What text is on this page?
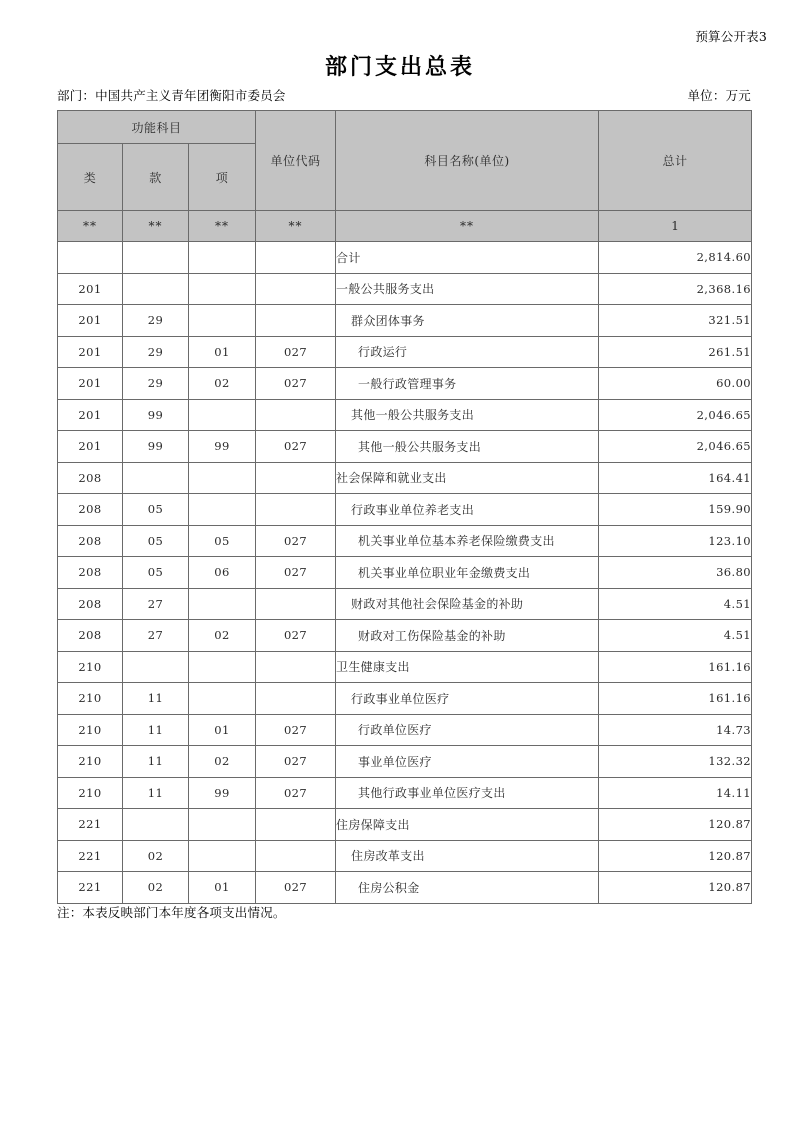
预算公开表3
部门支出总表
部门：中国共产主义青年团衡阳市委员会	单位：万元
功能科目			单位代码	科目名称(单位)	总计
类	款	项			
**	**	**	**	**	1
				合计	2,814.60
201				一般公共服务支出	2,368.16
201	29			群众团体事务	321.51
201	29	01	027	行政运行	261.51
201	29	02	027	一般行政管理事务	60.00
201	99			其他一般公共服务支出	2,046.65
201	99	99	027	其他一般公共服务支出	2,046.65
208				社会保障和就业支出	164.41
208	05			行政事业单位养老支出	159.90
208	05	05	027	机关事业单位基本养老保险缴费支出	123.10
208	05	06	027	机关事业单位职业年金缴费支出	36.80
208	27			财政对其他社会保险基金的补助	4.51
208	27	02	027	财政对工伤保险基金的补助	4.51
210				卫生健康支出	161.16
210	11			行政事业单位医疗	161.16
210	11	01	027	行政单位医疗	14.73
210	11	02	027	事业单位医疗	132.32
210	11	99	027	其他行政事业单位医疗支出	14.11
221				住房保障支出	120.87
221	02			住房改革支出	120.87
221	02	01	027	住房公积金	120.87
注：本表反映部门本年度各项支出情况。
